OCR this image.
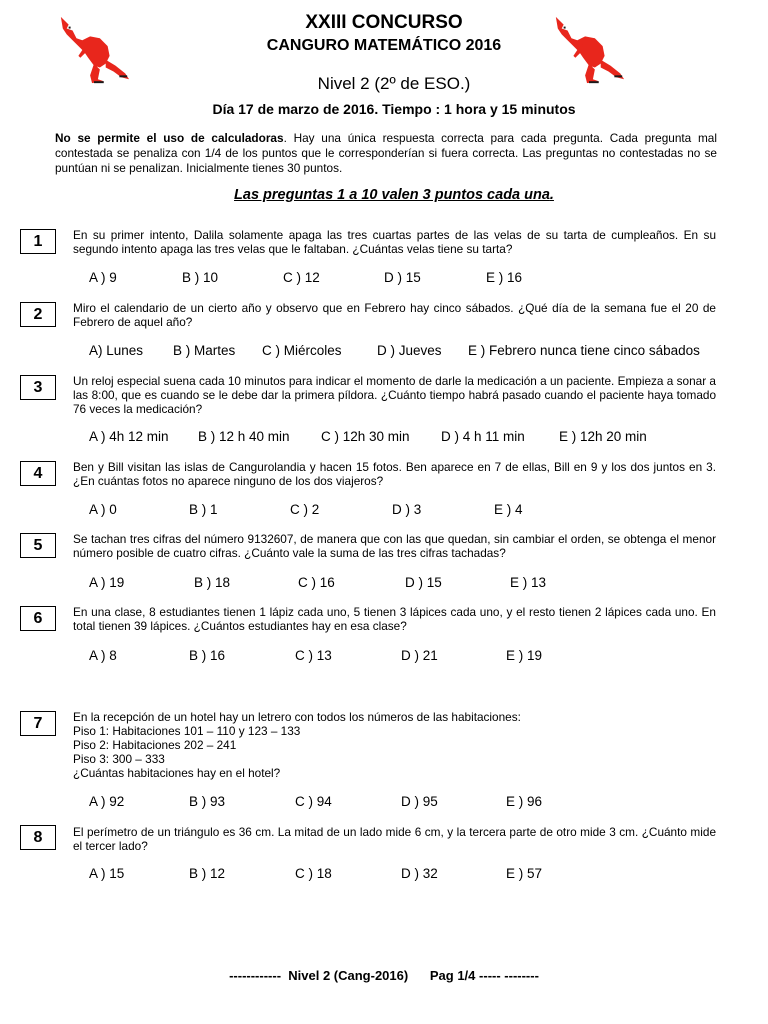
XXIII CONCURSO
CANGURO MATEMÁTICO 2016
Nivel 2 (2º de ESO.)
Día 17 de marzo de 2016. Tiempo : 1 hora y 15 minutos
No se permite el uso de calculadoras. Hay una única respuesta correcta para cada pregunta. Cada pregunta mal contestada se penaliza con 1/4 de los puntos que le corresponderían si fuera correcta. Las preguntas no contestadas no se puntúan ni se penalizan. Inicialmente tienes 30 puntos.
Las preguntas 1 a 10 valen 3 puntos cada una.
1	En su primer intento, Dalila solamente apaga las tres cuartas partes de las velas de su tarta de cumpleaños. En su segundo intento apaga las tres velas que le faltaban. ¿Cuántas velas tiene su tarta?
A ) 9	B ) 10	C ) 12	D ) 15	E ) 16
2	Miro el calendario de un cierto año y observo que en Febrero hay cinco sábados. ¿Qué día de la semana fue el 20 de Febrero de aquel año?
A) Lunes B ) Martes C ) Miércoles	D ) Jueves E ) Febrero nunca tiene cinco sábados
3	Un reloj especial suena cada 10 minutos para indicar el momento de darle la medicación a un paciente. Empieza a sonar a las 8:00, que es cuando se le debe dar la primera píldora. ¿Cuánto tiempo habrá pasado cuando el paciente haya tomado 76 veces la medicación?
A ) 4h 12 min B ) 12 h 40 min C ) 12h 30 min D ) 4 h 11 min	E ) 12h 20 min
4	Ben y Bill visitan las islas de Cangurolandia y hacen 15 fotos. Ben aparece en 7 de ellas, Bill en 9 y los dos juntos en 3. ¿En cuántas fotos no aparece ninguno de los dos viajeros?
A ) 0	B ) 1	C ) 2	D ) 3	E ) 4
5	Se tachan tres cifras del número 9132607, de manera que con las que quedan, sin cambiar el orden, se obtenga el menor número posible de cuatro cifras. ¿Cuánto vale la suma de las tres cifras tachadas?
A ) 19	B ) 18	C ) 16	D ) 15	E ) 13
6	En una clase, 8 estudiantes tienen 1 lápiz cada uno, 5 tienen 3 lápices cada uno, y el resto tienen 2 lápices cada uno. En total tienen 39 lápices. ¿Cuántos estudiantes hay en esa clase?
A ) 8	B ) 16	C ) 13	D ) 21	E ) 19
7	En la recepción de un hotel hay un letrero con todos los números de las habitaciones:
Piso 1: Habitaciones 101 – 110 y 123 – 133
Piso 2: Habitaciones 202 – 241
Piso 3: 300 – 333
¿Cuántas habitaciones hay en el hotel?
A ) 92	B ) 93	C ) 94	D ) 95	E ) 96
8	El perímetro de un triángulo es 36 cm. La mitad de un lado mide 6 cm, y la tercera parte de otro mide 3 cm. ¿Cuánto mide el tercer lado?
A ) 15	B ) 12	C ) 18	D ) 32	E ) 57
------------ Nivel 2 (Cang-2016) Pag 1/4 ----- --------
